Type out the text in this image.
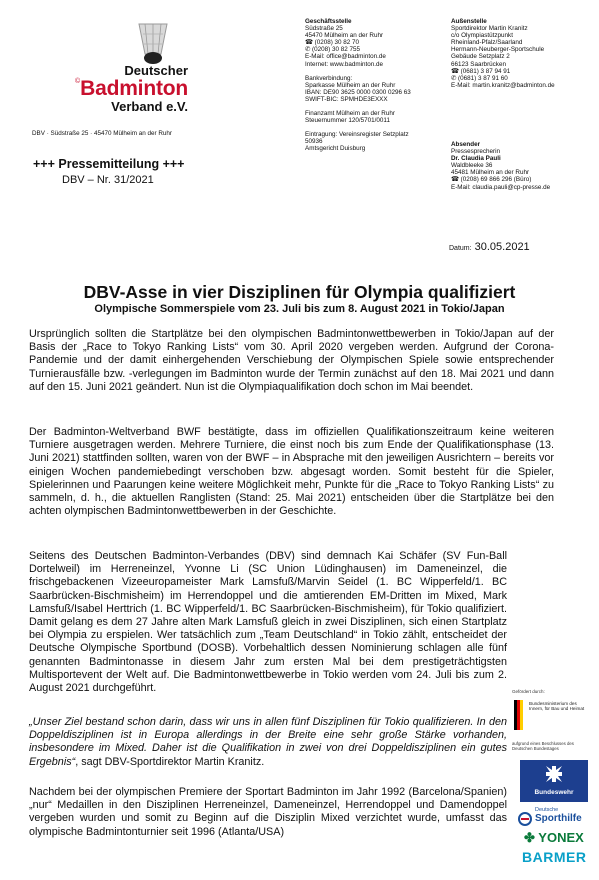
Deutscher
©Badminton
Verband e.V.
DBV · Südstraße 25 · 45470 Mülheim an der Ruhr
+++ Pressemitteilung +++
DBV – Nr. 31/2021
Geschäftsstelle
Südstraße 25
45470 Mülheim an der Ruhr
☎ (0208) 30 82 70
✆ (0208) 30 82 755
E-Mail: office@badminton.de
Internet: www.badminton.de
Bankverbindung:
Sparkasse Mülheim an der Ruhr
IBAN: DE90 3625 0000 0300 0296 63
SWIFT-BIC: SPMHDE3EXXX
Finanzamt Mülheim an der Ruhr
Steuernummer 120/5701/0011
Eintragung: Vereinsregister Setzplatz
50936
Amtsgericht Duisburg
Außenstelle
Sportdirektor Martin Kranitz
c/o Olympiastützpunkt
Rheinland-Pfalz/Saarland
Hermann-Neuberger-Sportschule
Gebäude Setzplatz 2
66123 Saarbrücken
☎ (0681) 3 87 94 91
✆ (0681) 3 87 91 60
E-Mail: martin.kranitz@badminton.de
Absender
Pressesprecherin
Dr. Claudia Pauli
Waldbleeke 36
45481 Mülheim an der Ruhr
☎ (0208) 69 866 296 (Büro)
E-Mail: claudia.pauli@cp-presse.de
Datum: 30.05.2021
DBV-Asse in vier Disziplinen für Olympia qualifiziert
Olympische Sommerspiele vom 23. Juli bis zum 8. August 2021 in Tokio/Japan
Ursprünglich sollten die Startplätze bei den olympischen Badmintonwettbewerben in Tokio/Japan auf der Basis der „Race to Tokyo Ranking Lists“ vom 30. April 2020 vergeben werden. Aufgrund der Corona-Pandemie und der damit einhergehenden Verschiebung der Olympischen Spiele sowie entsprechender Turnierausfälle bzw. -verlegungen im Badminton wurde der Termin zunächst auf den 18. Mai 2021 und dann auf den 15. Juni 2021 geändert. Nun ist die Olympiaqualifikation doch schon im Mai beendet.
Der Badminton-Weltverband BWF bestätigte, dass im offiziellen Qualifikationszeitraum keine weiteren Turniere ausgetragen werden. Mehrere Turniere, die einst noch bis zum Ende der Qualifikationsphase (13. Juni 2021) stattfinden sollten, waren von der BWF – in Absprache mit den jeweiligen Ausrichtern – bereits vor einigen Wochen pandemiebedingt verschoben bzw. abgesagt worden. Somit besteht für die Spieler, Spielerinnen und Paarungen keine weitere Möglichkeit mehr, Punkte für die „Race to Tokyo Ranking Lists“ zu sammeln, d. h., die aktuellen Ranglisten (Stand: 25. Mai 2021) entscheiden über die Startplätze bei den achten olympischen Badmintonwettbewerben in der Geschichte.
Seitens des Deutschen Badminton-Verbandes (DBV) sind demnach Kai Schäfer (SV Fun-Ball Dortelweil) im Herreneinzel, Yvonne Li (SC Union Lüdinghausen) im Dameneinzel, die frischgebackenen Vizeeuropameister Mark Lamsfuß/Marvin Seidel (1. BC Wipperfeld/1. BC Saarbrücken-Bischmisheim) im Herrendoppel und die amtierenden EM-Dritten im Mixed, Mark Lamsfuß/Isabel Herttrich (1. BC Wipperfeld/1. BC Saarbrücken-Bischmisheim), für Tokio qualifiziert. Damit gelang es dem 27 Jahre alten Mark Lamsfuß gleich in zwei Disziplinen, sich einen Startplatz bei Olympia zu erspielen. Wer tatsächlich zum „Team Deutschland“ in Tokio zählt, entscheidet der Deutsche Olympische Sportbund (DOSB). Vorbehaltlich dessen Nominierung schlagen alle fünf genannten Badmintonasse in diesem Jahr zum ersten Mal bei dem prestigeträchtigsten Multisportevent der Welt auf. Die Badmintonwettbewerbe in Tokio werden vom 24. Juli bis zum 2. August 2021 durchgeführt.
„Unser Ziel bestand schon darin, dass wir uns in allen fünf Disziplinen für Tokio qualifizieren. In den Doppeldisziplinen ist in Europa allerdings in der Breite eine sehr große Stärke vorhanden, insbesondere im Mixed. Daher ist die Qualifikation in zwei von drei Doppeldisziplinen ein gutes Ergebnis“, sagt DBV-Sportdirektor Martin Kranitz.
Nachdem bei der olympischen Premiere der Sportart Badminton im Jahr 1992 (Barcelona/Spanien) „nur“ Medaillen in den Disziplinen Herreneinzel, Dameneinzel, Herrendoppel und Damendoppel vergeben wurden und somit zu Beginn auf die Disziplin Mixed verzichtet wurde, umfasst das olympische Badmintonturnier seit 1996 (Atlanta/USA)
Gefördert durch:
Bundesministerium des Innern, für Bau und Heimat
aufgrund eines Beschlusses des Deutschen Bundestages
Bundeswehr
Deutsche
Sporthilfe
✤ YONEX
BARMER
